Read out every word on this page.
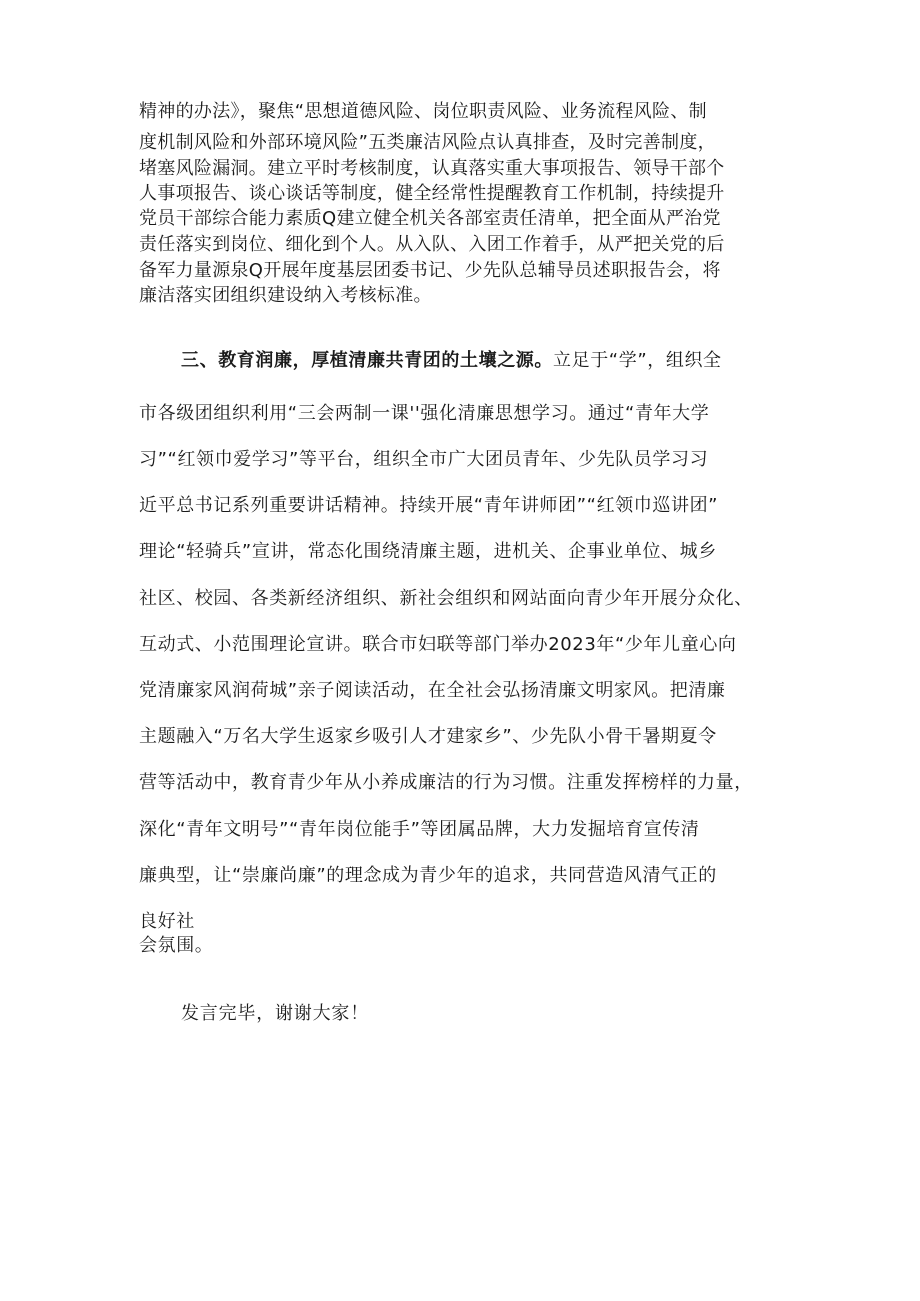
精神的办法》，聚焦“思想道德风险、岗位职责风险、业务流程风险、制
度机制风险和外部环境风险”五类廉洁风险点认真排查，及时完善制度，
堵塞风险漏洞。建立平时考核制度，认真落实重大事项报告、领导干部个
人事项报告、谈心谈话等制度，健全经常性提醒教育工作机制，持续提升
党员干部综合能力素质Q建立健全机关各部室责任清单，把全面从严治党
责任落实到岗位、细化到个人。从入队、入团工作着手，从严把关党的后
备军力量源泉Q开展年度基层团委书记、少先队总辅导员述职报告会，将
廉洁落实团组织建设纳入考核标准。
三、教育润廉，厚植清廉共青团的土壤之源。立足于“学”，组织全
市各级团组织利用“三会两制一课''强化清廉思想学习。通过“青年大学
习”“红领巾爱学习”等平台，组织全市广大团员青年、少先队员学习习
近平总书记系列重要讲话精神。持续开展“青年讲师团”“红领巾巡讲团”
理论“轻骑兵”宣讲，常态化围绕清廉主题，进机关、企事业单位、城乡
社区、校园、各类新经济组织、新社会组织和网站面向青少年开展分众化、
互动式、小范围理论宣讲。联合市妇联等部门举办2023年“少年儿童心向
党清廉家风润荷城”亲子阅读活动，在全社会弘扬清廉文明家风。把清廉
主题融入“万名大学生返家乡吸引人才建家乡”、少先队小骨干暑期夏令
营等活动中，教育青少年从小养成廉洁的行为习惯。注重发挥榜样的力量，
深化“青年文明号”“青年岗位能手”等团属品牌，大力发掘培育宣传清
廉典型，让“崇廉尚廉”的理念成为青少年的追求，共同营造风清气正的
良好社
会氛围。
发言完毕，谢谢大家！
